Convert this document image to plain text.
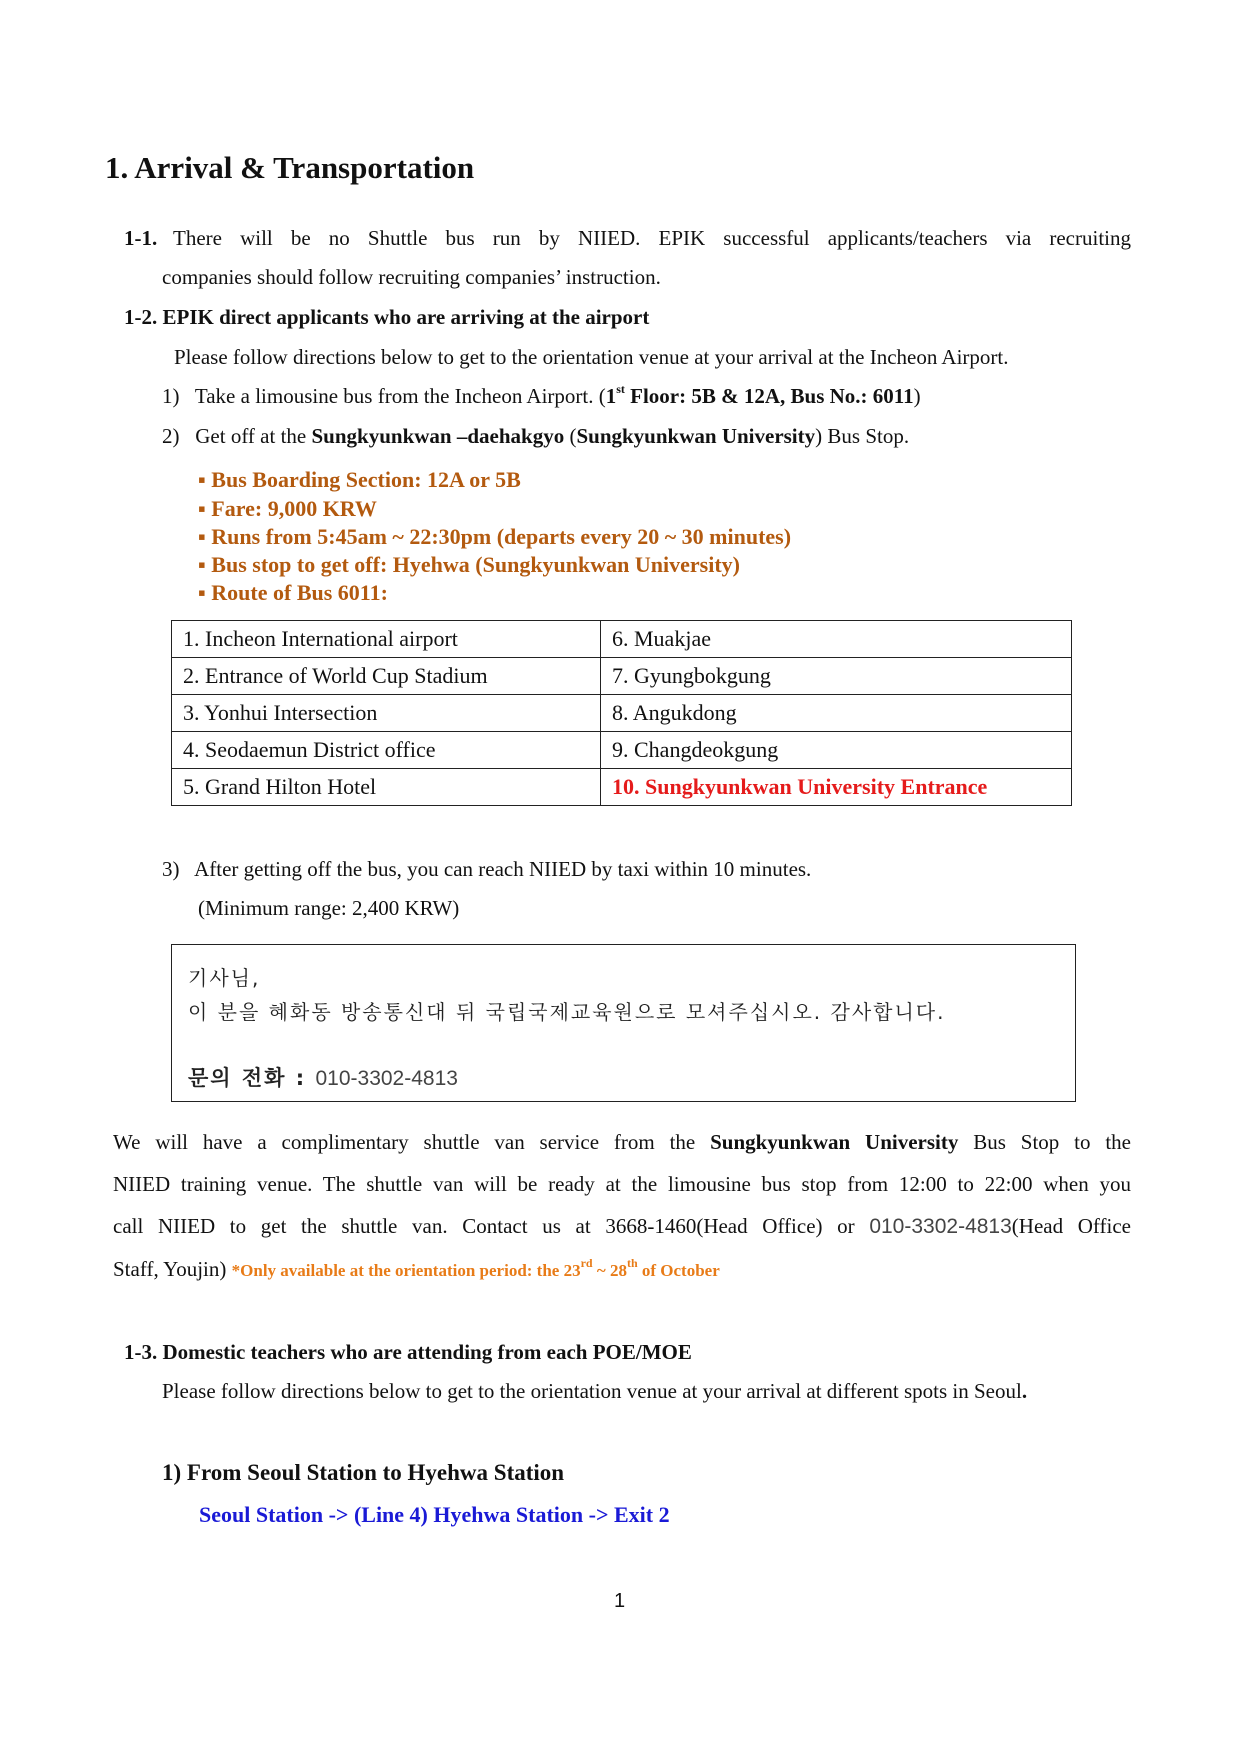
1. Arrival & Transportation
1-1. There will be no Shuttle bus run by NIIED. EPIK successful applicants/teachers via recruiting
companies should follow recruiting companies’ instruction.
1-2. EPIK direct applicants who are arriving at the airport
Please follow directions below to get to the orientation venue at your arrival at the Incheon Airport.
1) Take a limousine bus from the Incheon Airport. (1st Floor: 5B & 12A, Bus No.: 6011)
2) Get off at the Sungkyunkwan –daehakgyo (Sungkyunkwan University) Bus Stop.
▪ Bus Boarding Section: 12A or 5B
▪ Fare: 9,000 KRW
▪ Runs from 5:45am ~ 22:30pm (departs every 20 ~ 30 minutes)
▪ Bus stop to get off: Hyehwa (Sungkyunkwan University)
▪ Route of Bus 6011:
1. Incheon International airport	6. Muakjae
2. Entrance of World Cup Stadium	7. Gyungbokgung
3. Yonhui Intersection	8. Angukdong
4. Seodaemun District office	9. Changdeokgung
5. Grand Hilton Hotel	10. Sungkyunkwan University Entrance
3) After getting off the bus, you can reach NIIED by taxi within 10 minutes.
(Minimum range: 2,400 KRW)
기사님,
이 분을 혜화동 방송통신대 뒤 국립국제교육원으로 모셔주십시오. 감사합니다.
문의 전화 : 010-3302-4813
We will have a complimentary shuttle van service from the Sungkyunkwan University Bus Stop to the
NIIED training venue. The shuttle van will be ready at the limousine bus stop from 12:00 to 22:00 when you
call NIIED to get the shuttle van. Contact us at 3668-1460(Head Office) or 010-3302-4813(Head Office
Staff, Youjin) *Only available at the orientation period: the 23rd ~ 28th of October
1-3. Domestic teachers who are attending from each POE/MOE
Please follow directions below to get to the orientation venue at your arrival at different spots in Seoul.
1) From Seoul Station to Hyehwa Station
Seoul Station -> (Line 4) Hyehwa Station -> Exit 2
1
